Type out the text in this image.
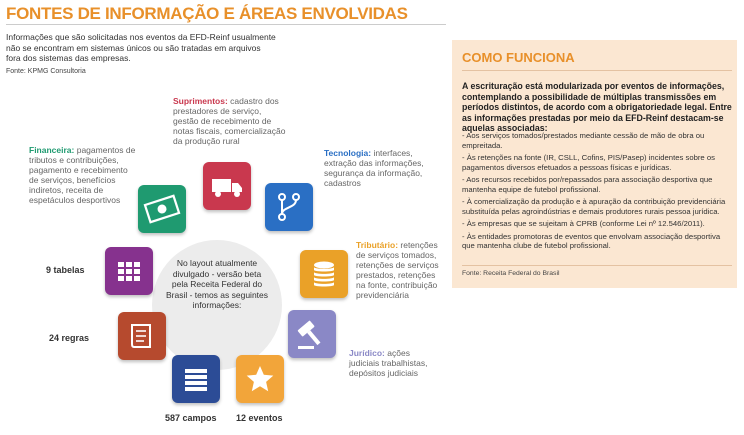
FONTES DE INFORMAÇÃO E ÁREAS ENVOLVIDAS
Informações que são solicitadas nos eventos da EFD-Reinf usualmente não se encontram em sistemas únicos ou são tratadas em arquivos fora dos sistemas das empresas.
Fonte: KPMG Consultoria
No layout atualmente divulgado - versão beta pela Receita Federal do Brasil - temos as seguintes informações:
Suprimentos: cadastro dos prestadores de serviço, gestão de recebimento de notas fiscais, comercialização da produção rural
Tecnologia: interfaces, extração das informações, segurança da informação, cadastros
Financeira: pagamentos de tributos e contribuições, pagamento e recebimento de serviços, benefícios indiretos, receita de espetáculos desportivos
Tributário: retenções de serviços tomados, retenções de serviços prestados, retenções na fonte, contribuição previdenciária
Jurídico: ações judiciais trabalhistas, depósitos judiciais
9 tabelas
24 regras
587 campos 12 eventos
COMO FUNCIONA
A escrituração está modularizada por eventos de informações, contemplando a possibilidade de múltiplas transmissões em períodos distintos, de acordo com a obrigatoriedade legal. Entre as informações prestadas por meio da EFD-Reinf destacam-se aquelas associadas:
- Aos serviços tomados/prestados mediante cessão de mão de obra ou empreitada.
- Às retenções na fonte (IR, CSLL, Cofins, PIS/Pasep) incidentes sobre os pagamentos diversos efetuados a pessoas físicas e jurídicas.
- Aos recursos recebidos por/repassados para associação desportiva que mantenha equipe de futebol profissional.
- À comercialização da produção e à apuração da contribuição previdenciária substituída pelas agroindústrias e demais produtores rurais pessoa jurídica.
- Às empresas que se sujeitam à CPRB (conforme Lei nº 12.546/2011).
- Às entidades promotoras de eventos que envolvam associação desportiva que mantenha clube de futebol profissional.
Fonte: Receita Federal do Brasil
